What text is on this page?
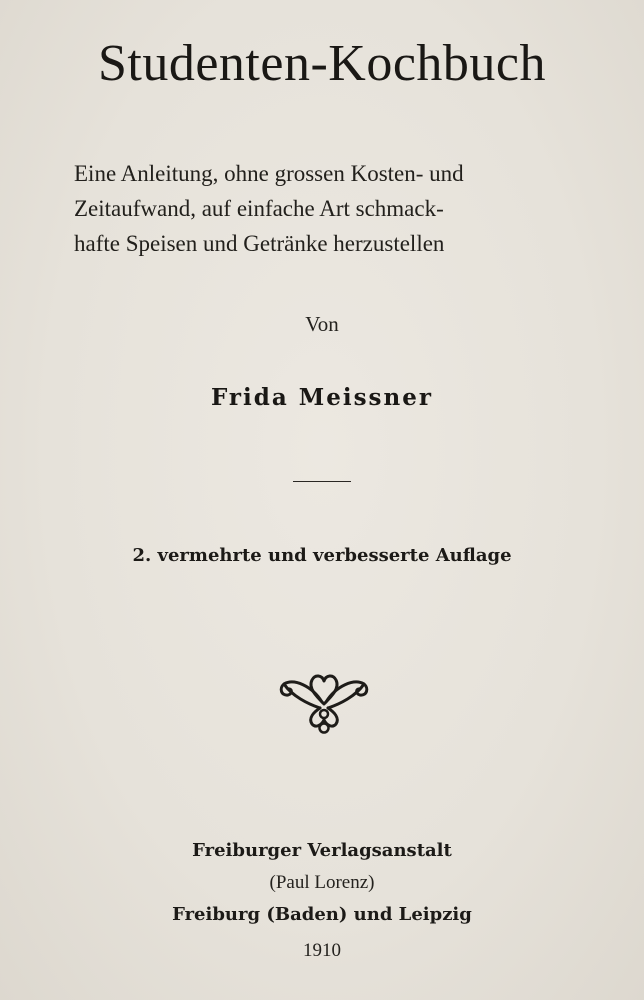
Studenten-Kochbuch
Eine Anleitung, ohne grossen Kosten- und
Zeitaufwand, auf einfache Art schmack-
hafte Speisen und Getränke herzustellen
Von
Frida Meissner
2. vermehrte und verbesserte Auflage
Freiburger Verlagsanstalt
(Paul Lorenz)
Freiburg (Baden) und Leipzig
1910
